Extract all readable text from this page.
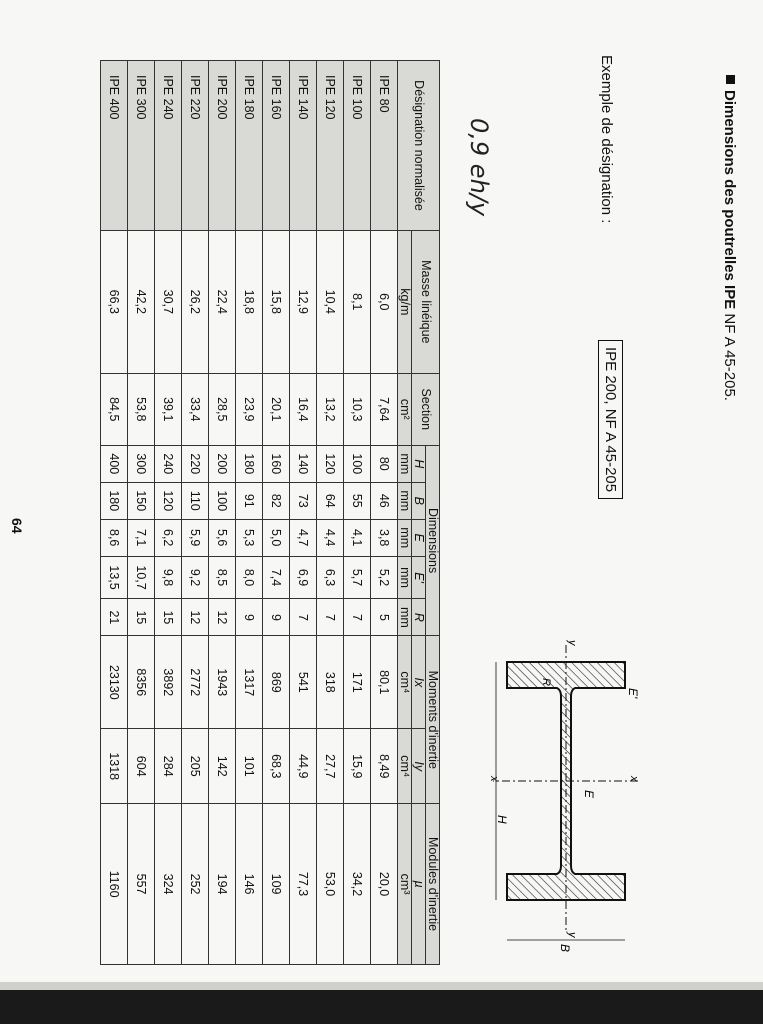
Dimensions des poutrelles IPE NF A 45-205.
Exemple de désignation :
IPE 200, NF A 45-205
0,9 eh/y
x	x
y
y
H
B
E
E'
R
Désignation normalisée	Masse linéique	Section	Dimensions					Moments d'inertie		Modules d'inertie
			H	B	E	E'	R	Ix	Iy	µ
	kg/m	cm²	mm	mm	mm	mm	mm	cm⁴	cm⁴	cm³
IPE 80	6,0	7,64	80	46	3,8	5,2	5	80,1	8,49	20,0
IPE 100	8,1	10,3	100	55	4,1	5,7	7	171	15,9	34,2
IPE 120	10,4	13,2	120	64	4,4	6,3	7	318	27,7	53,0
IPE 140	12,9	16,4	140	73	4,7	6,9	7	541	44,9	77,3
IPE 160	15,8	20,1	160	82	5,0	7,4	9	869	68,3	109
IPE 180	18,8	23,9	180	91	5,3	8,0	9	1317	101	146
IPE 200	22,4	28,5	200	100	5,6	8,5	12	1943	142	194
IPE 220	26,2	33,4	220	110	5,9	9,2	12	2772	205	252
IPE 240	30,7	39,1	240	120	6,2	9,8	15	3892	284	324
IPE 300	42,2	53,8	300	150	7,1	10,7	15	8356	604	557
IPE 400	66,3	84,5	400	180	8,6	13,5	21	23130	1318	1160
64
